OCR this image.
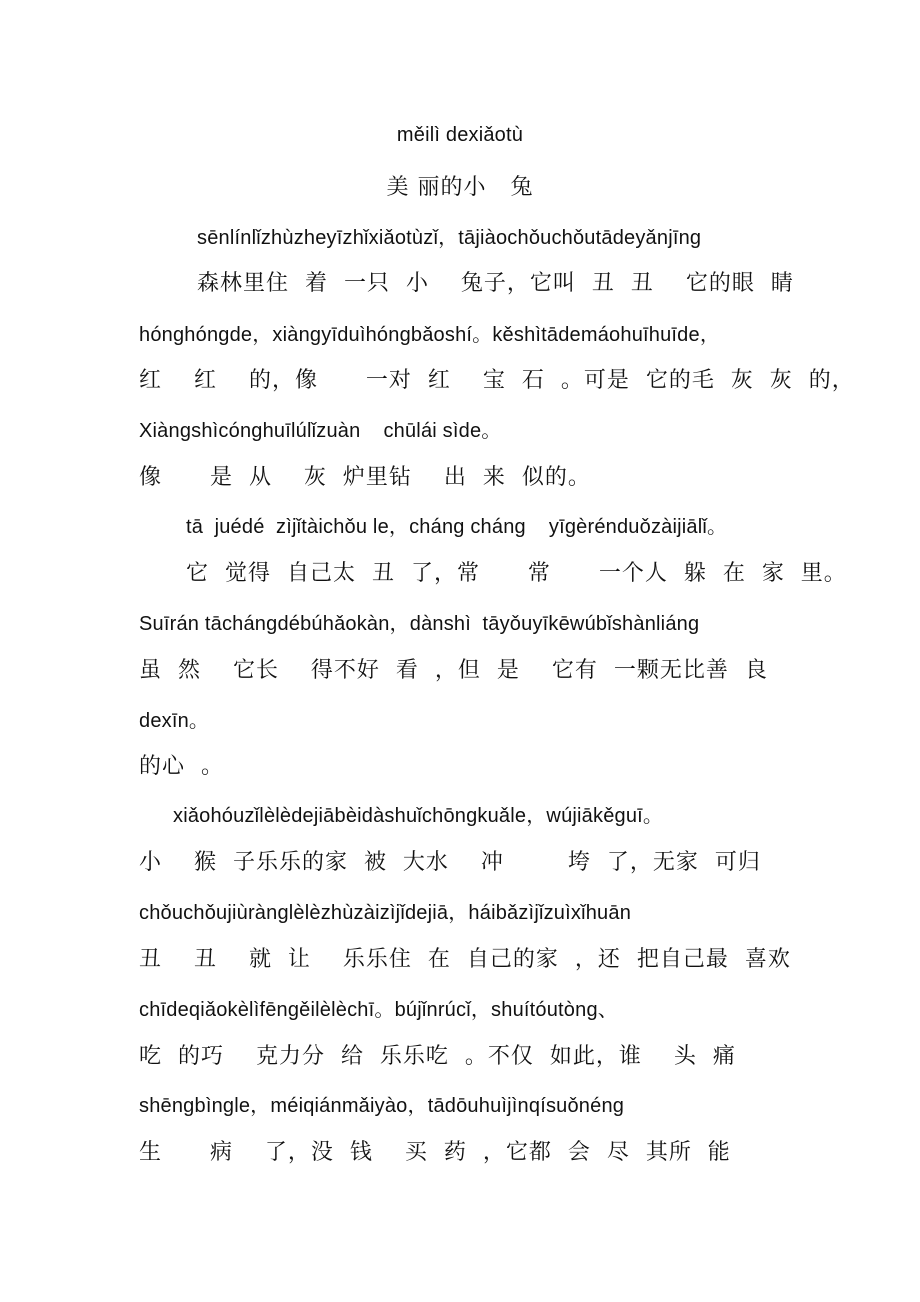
měilì dexiǎotù

美 丽的小   兔

sēnlínlǐzhùzheyīzhǐxiǎotùzǐ，tājiàochǒuchǒutādeyǎnjīng

森林里住  着  一只  小    兔子，它叫  丑  丑    它的眼  睛

hónghóngde，xiàngyīduìhóngbǎoshí。kěshìtādemáohuīhuīde，

红    红    的，像      一对  红    宝  石  。可是  它的毛  灰  灰  的，

Xiàngshìcónghuīlúlǐzuàn    chūlái sìde。

像      是  从    灰  炉里钻    出  来  似的。

tā  juédé  zìjǐtàichǒu le，cháng cháng    yīgèrénduǒzàijiālǐ。

它  觉得  自己太  丑  了，常      常      一个人  躲  在  家  里。

Suīrán tāchángdébúhǎokàn，dànshì  tāyǒuyīkēwúbǐshànliáng

虽  然    它长    得不好  看  ，但  是    它有  一颗无比善  良

dexīn。

的心  。

xiǎohóuzǐlèlèdejiābèidàshuǐchōngkuǎle，wújiākěguī。

小    猴  子乐乐的家  被  大水    冲        垮  了，无家  可归

chǒuchǒujiùrànglèlèzhùzàizìjǐdejiā，háibǎzìjǐzuìxǐhuān

丑    丑    就  让    乐乐住  在  自己的家  ，还  把自己最  喜欢

chīdeqiǎokèlìfēngěilèlèchī。bújǐnrúcǐ，shuítóutòng、

吃  的巧    克力分  给  乐乐吃  。不仅  如此，谁    头  痛

shēngbìngle，méiqiánmǎiyào，tādōuhuìjìnqísuǒnéng

生      病    了，没  钱    买  药  ，它都  会  尽  其所  能
